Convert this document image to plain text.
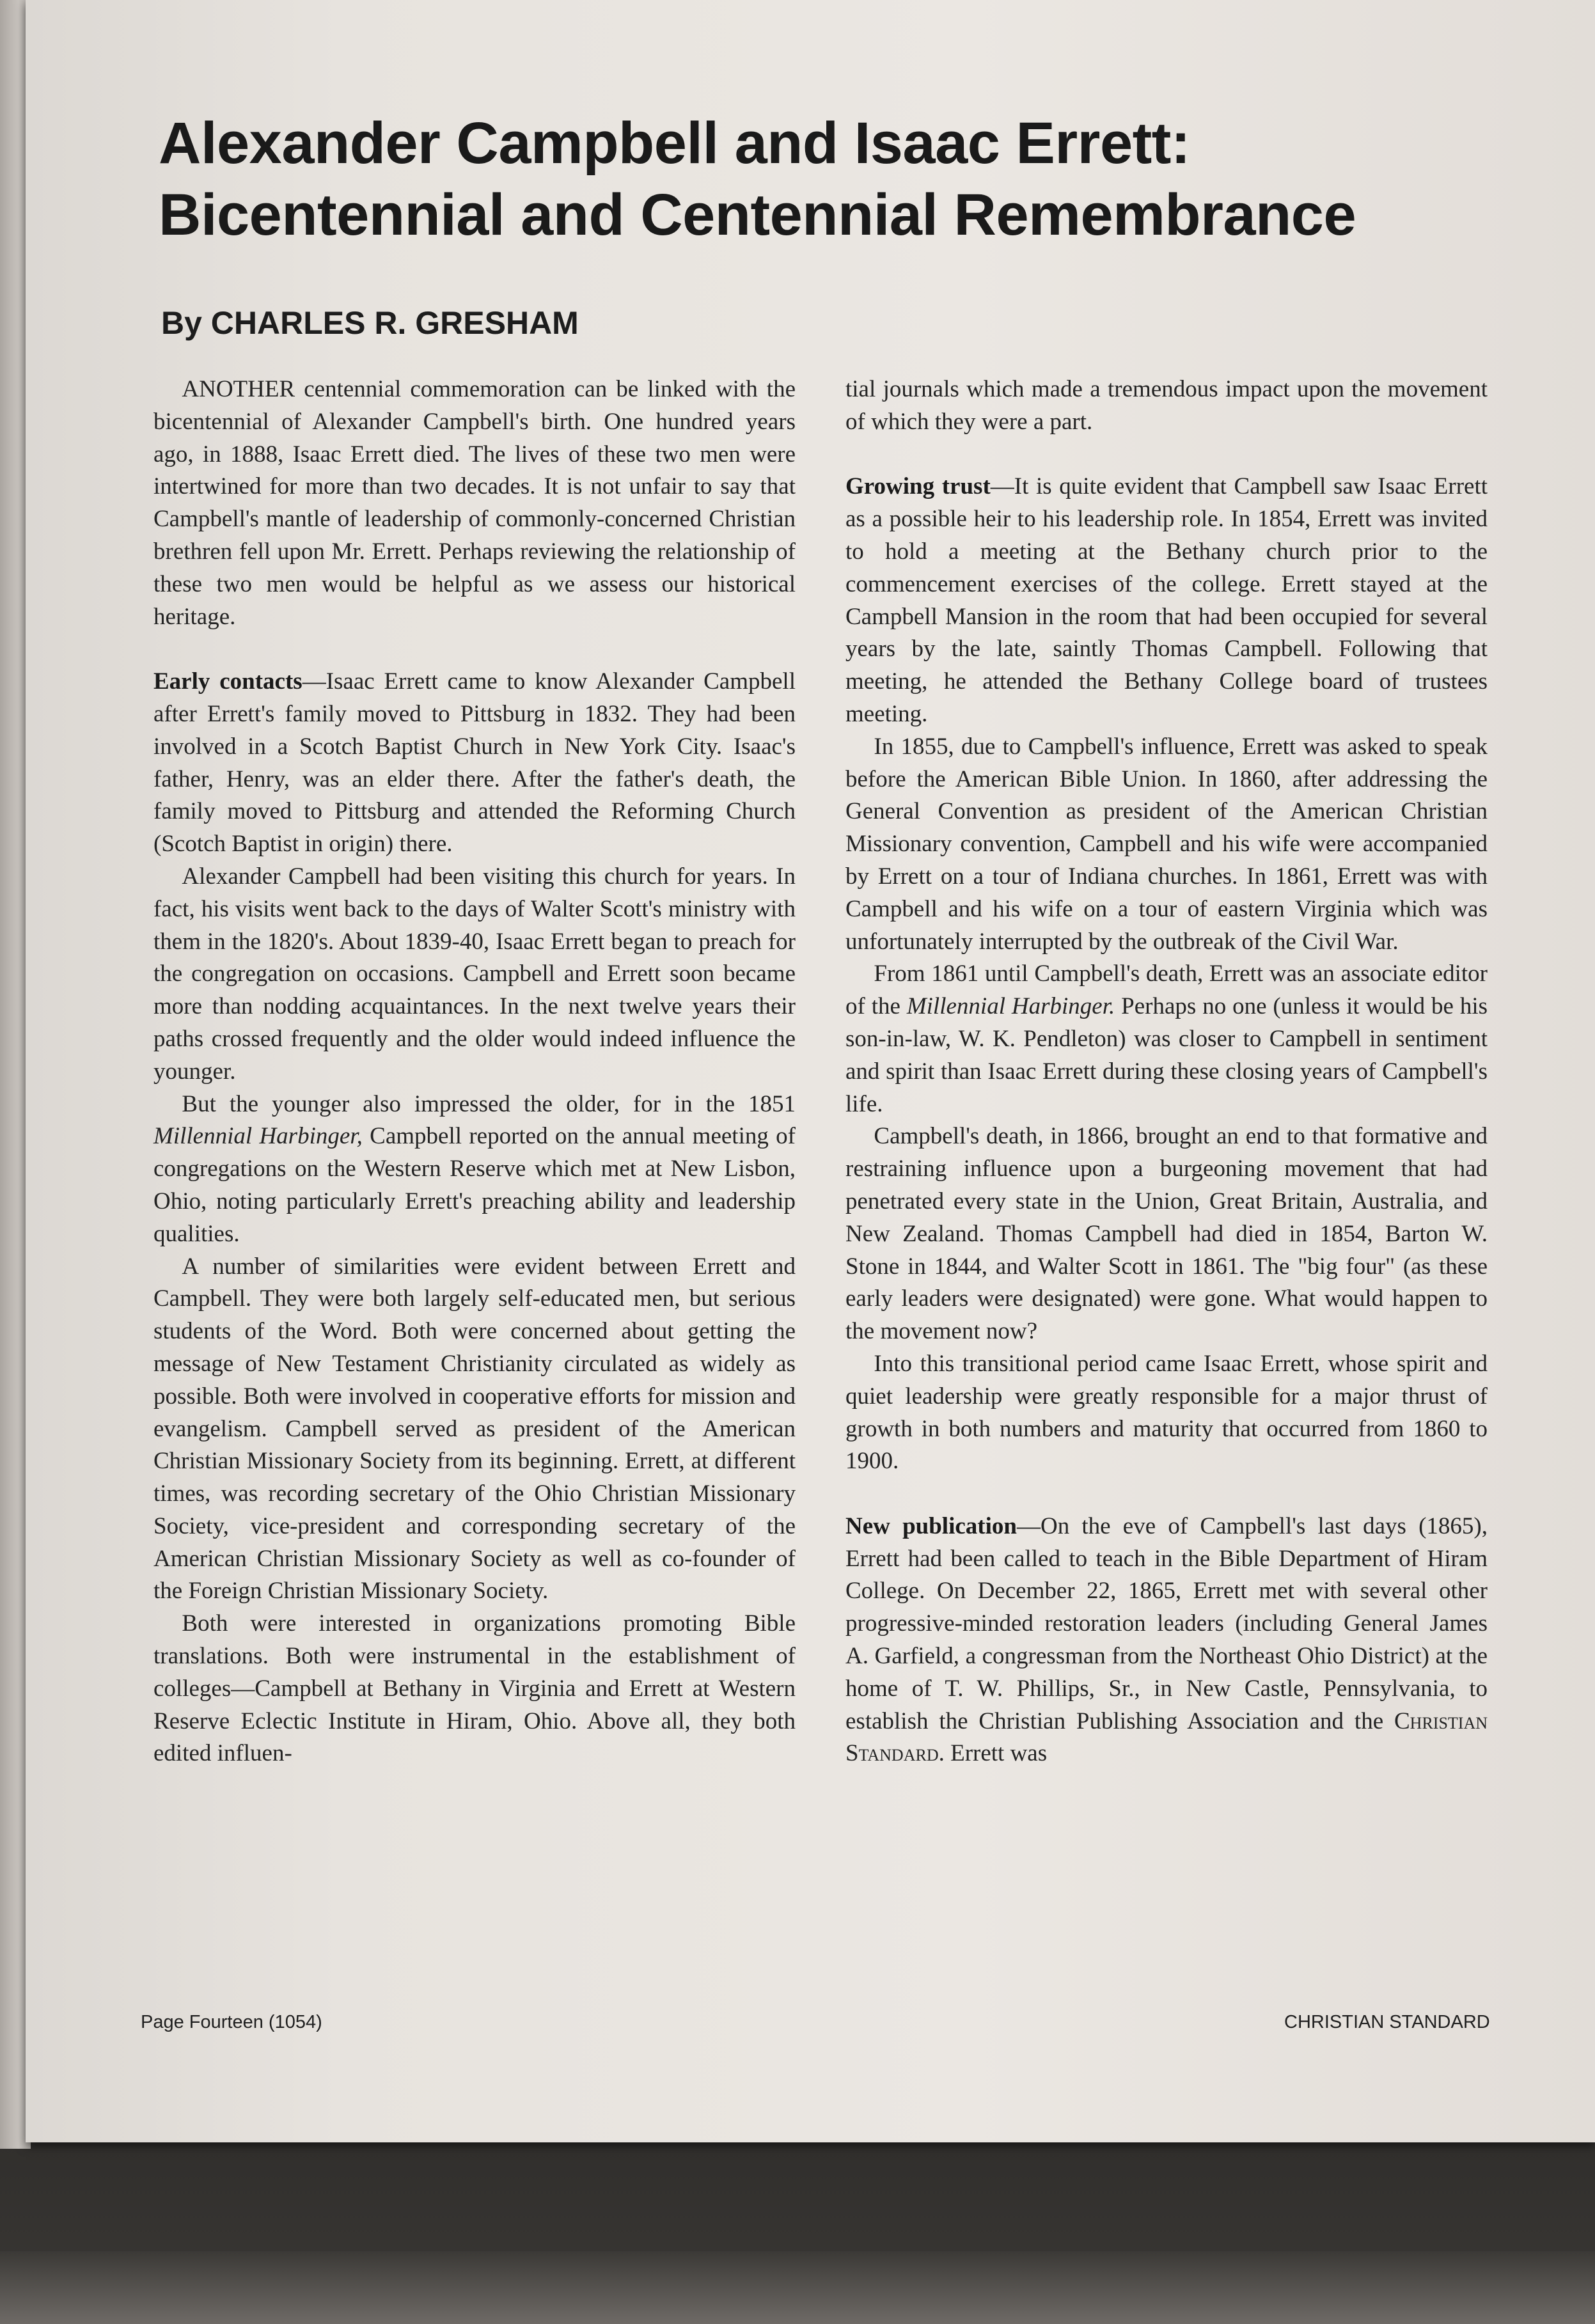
Alexander Campbell and Isaac Errett:
Bicentennial and Centennial Remembrance
By CHARLES R. GRESHAM

ANOTHER centennial commemoration can be linked with the bicentennial of Alexander Campbell's birth. One hundred years ago, in 1888, Isaac Errett died. The lives of these two men were intertwined for more than two decades. It is not unfair to say that Campbell's mantle of leadership of commonly-concerned Christian brethren fell upon Mr. Errett. Perhaps reviewing the relationship of these two men would be helpful as we assess our historical heritage.

Early contacts—Isaac Errett came to know Alexander Campbell after Errett's family moved to Pittsburg in 1832. They had been involved in a Scotch Baptist Church in New York City. Isaac's father, Henry, was an elder there. After the father's death, the family moved to Pittsburg and attended the Reforming Church (Scotch Baptist in origin) there.

Alexander Campbell had been visiting this church for years. In fact, his visits went back to the days of Walter Scott's ministry with them in the 1820's. About 1839-40, Isaac Errett began to preach for the congregation on occasions. Campbell and Errett soon became more than nodding acquaintances. In the next twelve years their paths crossed frequently and the older would indeed influence the younger.

But the younger also impressed the older, for in the 1851 Millennial Harbinger, Campbell reported on the annual meeting of congregations on the Western Reserve which met at New Lisbon, Ohio, noting particularly Errett's preaching ability and leadership qualities.

A number of similarities were evident between Errett and Campbell. They were both largely self-educated men, but serious students of the Word. Both were concerned about getting the message of New Testament Christianity circulated as widely as possible. Both were involved in cooperative efforts for mission and evangelism. Campbell served as president of the American Christian Missionary Society from its beginning. Errett, at different times, was recording secretary of the Ohio Christian Missionary Society, vice-president and corresponding secretary of the American Christian Missionary Society as well as co-founder of the Foreign Christian Missionary Society.

Both were interested in organizations promoting Bible translations. Both were instrumental in the establishment of colleges—Campbell at Bethany in Virginia and Errett at Western Reserve Eclectic Institute in Hiram, Ohio. Above all, they both edited influen-

tial journals which made a tremendous impact upon the movement of which they were a part.

Growing trust—It is quite evident that Campbell saw Isaac Errett as a possible heir to his leadership role. In 1854, Errett was invited to hold a meeting at the Bethany church prior to the commencement exercises of the college. Errett stayed at the Campbell Mansion in the room that had been occupied for several years by the late, saintly Thomas Campbell. Following that meeting, he attended the Bethany College board of trustees meeting.

In 1855, due to Campbell's influence, Errett was asked to speak before the American Bible Union. In 1860, after addressing the General Convention as president of the American Christian Missionary convention, Campbell and his wife were accompanied by Errett on a tour of Indiana churches. In 1861, Errett was with Campbell and his wife on a tour of eastern Virginia which was unfortunately interrupted by the outbreak of the Civil War.

From 1861 until Campbell's death, Errett was an associate editor of the Millennial Harbinger. Perhaps no one (unless it would be his son-in-law, W. K. Pendleton) was closer to Campbell in sentiment and spirit than Isaac Errett during these closing years of Campbell's life.

Campbell's death, in 1866, brought an end to that formative and restraining influence upon a burgeoning movement that had penetrated every state in the Union, Great Britain, Australia, and New Zealand. Thomas Campbell had died in 1854, Barton W. Stone in 1844, and Walter Scott in 1861. The "big four" (as these early leaders were designated) were gone. What would happen to the movement now?

Into this transitional period came Isaac Errett, whose spirit and quiet leadership were greatly responsible for a major thrust of growth in both numbers and maturity that occurred from 1860 to 1900.

New publication—On the eve of Campbell's last days (1865), Errett had been called to teach in the Bible Department of Hiram College. On December 22, 1865, Errett met with several other progressive-minded restoration leaders (including General James A. Garfield, a congressman from the Northeast Ohio District) at the home of T. W. Phillips, Sr., in New Castle, Pennsylvania, to establish the Christian Publishing Association and the Christian Standard. Errett was

Page Fourteen (1054)	CHRISTIAN STANDARD
